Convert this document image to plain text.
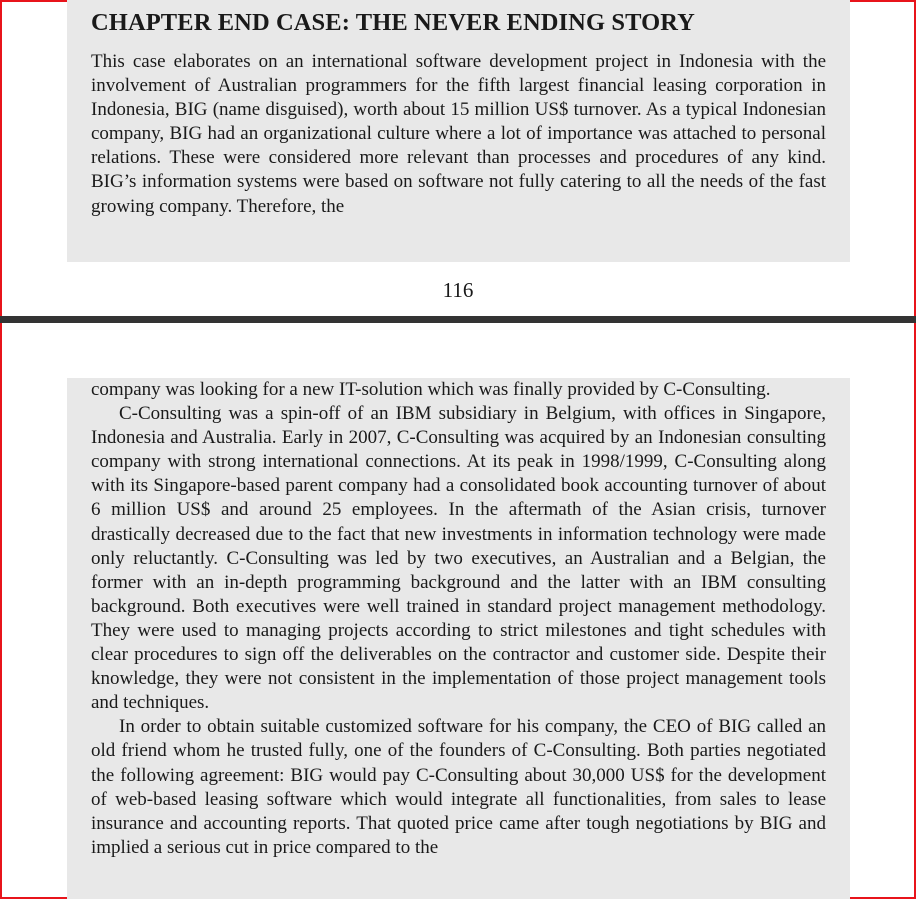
CHAPTER END CASE: THE NEVER ENDING STORY

This case elaborates on an international software development project in Indonesia with the involvement of Australian programmers for the fifth largest financial leasing corporation in Indonesia, BIG (name disguised), worth about 15 million US$ turnover. As a typical Indonesian company, BIG had an organizational culture where a lot of importance was attached to personal relations. These were considered more relevant than processes and procedures of any kind. BIG’s information systems were based on software not fully catering to all the needs of the fast growing company. Therefore, the

116

company was looking for a new IT-solution which was finally provided by C-Consulting.

C-Consulting was a spin-off of an IBM subsidiary in Belgium, with offices in Singapore, Indonesia and Australia. Early in 2007, C-Consulting was acquired by an Indonesian consulting company with strong international connections. At its peak in 1998/1999, C-Consulting along with its Singapore-based parent company had a consolidated book accounting turnover of about 6 million US$ and around 25 employees. In the aftermath of the Asian crisis, turnover drastically decreased due to the fact that new investments in information technology were made only reluctantly. C-Consulting was led by two executives, an Australian and a Belgian, the former with an in-depth programming background and the latter with an IBM consulting background. Both executives were well trained in standard project management methodology. They were used to managing projects according to strict milestones and tight schedules with clear procedures to sign off the deliverables on the contractor and customer side. Despite their knowledge, they were not consistent in the implementation of those project management tools and techniques.

In order to obtain suitable customized software for his company, the CEO of BIG called an old friend whom he trusted fully, one of the founders of C-Consulting. Both parties negotiated the following agreement: BIG would pay C-Consulting about 30,000 US$ for the development of web-based leasing software which would integrate all functionalities, from sales to lease insurance and accounting reports. That quoted price came after tough negotiations by BIG and implied a serious cut in price compared to the
